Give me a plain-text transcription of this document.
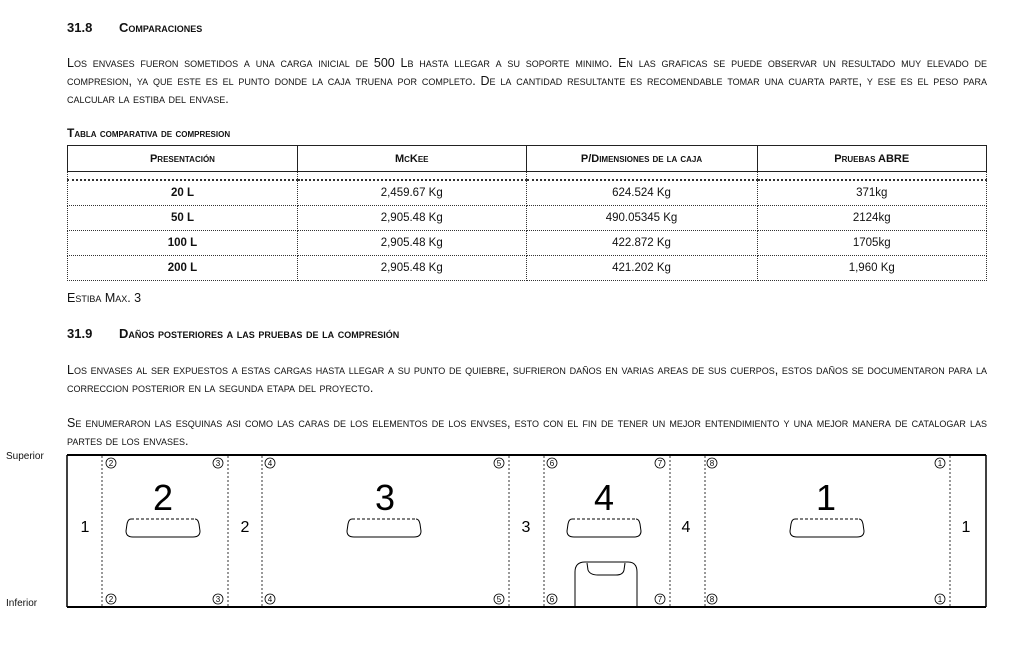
31.8 Comparaciones
Los envases fueron sometidos a una carga inicial de 500 Lb hasta llegar a su soporte minimo. En las graficas se puede observar un resultado muy elevado de compresion, ya que este es el punto donde la caja truena por completo. De la cantidad resultante es recomendable tomar una cuarta parte, y ese es el peso para calcular la estiba del envase.
Tabla comparativa de compresion
Presentación	McKee	P/Dimensiones de la caja	Pruebas ABRE

20 L	2,459.67 Kg	624.524 Kg	371kg
50 L	2,905.48 Kg	490.05345 Kg	2124kg
100 L	2,905.48 Kg	422.872 Kg	1705kg
200 L	2,905.48 Kg	421.202 Kg	1,960 Kg
Estiba Max. 3
31.9 Daños posteriores a las pruebas de la compresión
Los envases al ser expuestos a estas cargas hasta llegar a su punto de quiebre, sufrieron daños en varias areas de sus cuerpos, estos daños se documentaron para la correccion posterior en la segunda etapa del proyecto.
Se enumeraron las esquinas asi como las caras de los elementos de los envses, esto con el fin de tener un mejor entendimiento y una mejor manera de catalogar las partes de los envases.
Superior
Inferior
2	3	4	1
1	2	3	4	1
2	3	4	5	6	7	8	1
2	3	4	5	6	7	8	1
